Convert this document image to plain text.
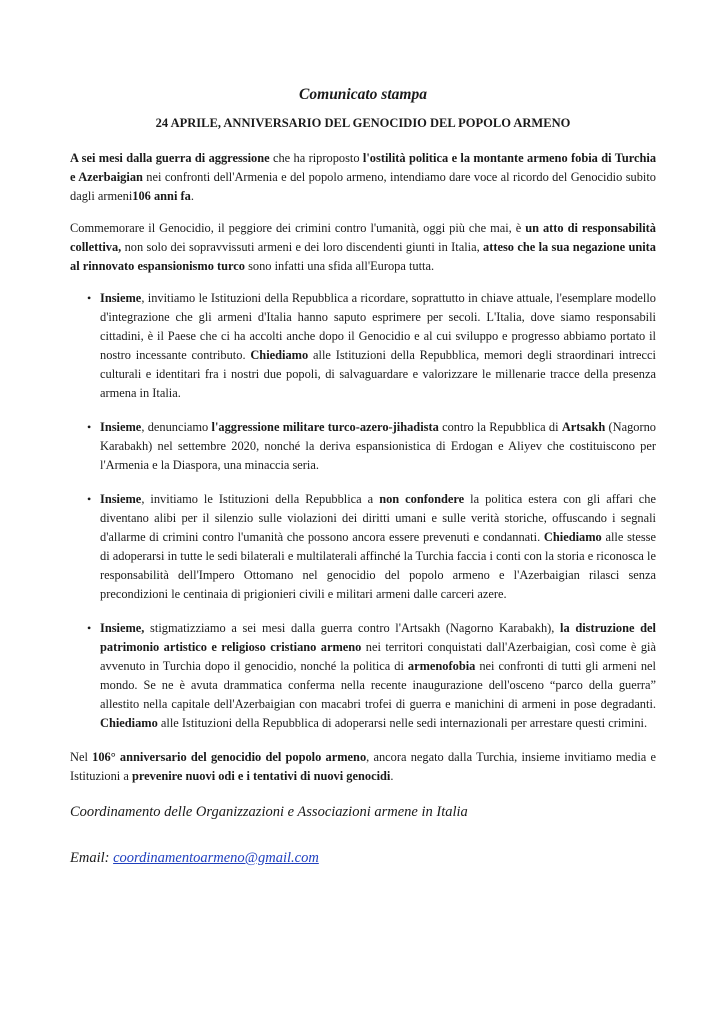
Comunicato stampa
24 APRILE, ANNIVERSARIO DEL GENOCIDIO DEL POPOLO ARMENO

A sei mesi dalla guerra di aggressione che ha riproposto l'ostilità politica e la montante armeno fobia di Turchia e Azerbaigian nei confronti dell'Armenia e del popolo armeno, intendiamo dare voce al ricordo del Genocidio subito dagli armeni106 anni fa.

Commemorare il Genocidio, il peggiore dei crimini contro l'umanità, oggi più che mai, è un atto di responsabilità collettiva, non solo dei sopravvissuti armeni e dei loro discendenti giunti in Italia, atteso che la sua negazione unita al rinnovato espansionismo turco sono infatti una sfida all'Europa tutta.

• Insieme, invitiamo le Istituzioni della Repubblica a ricordare, soprattutto in chiave attuale, l'esemplare modello d'integrazione che gli armeni d'Italia hanno saputo esprimere per secoli. L'Italia, dove siamo responsabili cittadini, è il Paese che ci ha accolti anche dopo il Genocidio e al cui sviluppo e progresso abbiamo portato il nostro incessante contributo. Chiediamo alle Istituzioni della Repubblica, memori degli straordinari intrecci culturali e identitari fra i nostri due popoli, di salvaguardare e valorizzare le millenarie tracce della presenza armena in Italia.
• Insieme, denunciamo l'aggressione militare turco-azero-jihadista contro la Repubblica di Artsakh (Nagorno Karabakh) nel settembre 2020, nonché la deriva espansionistica di Erdogan e Aliyev che costituiscono per l'Armenia e la Diaspora, una minaccia seria.
• Insieme, invitiamo le Istituzioni della Repubblica a non confondere la politica estera con gli affari che diventano alibi per il silenzio sulle violazioni dei diritti umani e sulle verità storiche, offuscando i segnali d'allarme di crimini contro l'umanità che possono ancora essere prevenuti e condannati. Chiediamo alle stesse di adoperarsi in tutte le sedi bilaterali e multilaterali affinché la Turchia faccia i conti con la storia e riconosca le responsabilità dell'Impero Ottomano nel genocidio del popolo armeno e l'Azerbaigian rilasci senza precondizioni le centinaia di prigionieri civili e militari armeni dalle carceri azere.
• Insieme, stigmatizziamo a sei mesi dalla guerra contro l'Artsakh (Nagorno Karabakh), la distruzione del patrimonio artistico e religioso cristiano armeno nei territori conquistati dall'Azerbaigian, così come è già avvenuto in Turchia dopo il genocidio, nonché la politica di armenofobia nei confronti di tutti gli armeni nel mondo. Se ne è avuta drammatica conferma nella recente inaugurazione dell'osceno “parco della guerra” allestito nella capitale dell'Azerbaigian con macabri trofei di guerra e manichini di armeni in pose degradanti. Chiediamo alle Istituzioni della Repubblica di adoperarsi nelle sedi internazionali per arrestare questi crimini.

Nel 106° anniversario del genocidio del popolo armeno, ancora negato dalla Turchia, insieme invitiamo media e Istituzioni a prevenire nuovi odi e i tentativi di nuovi genocidi.

Coordinamento delle Organizzazioni e Associazioni armene in Italia

Email: coordinamentoarmeno@gmail.com
